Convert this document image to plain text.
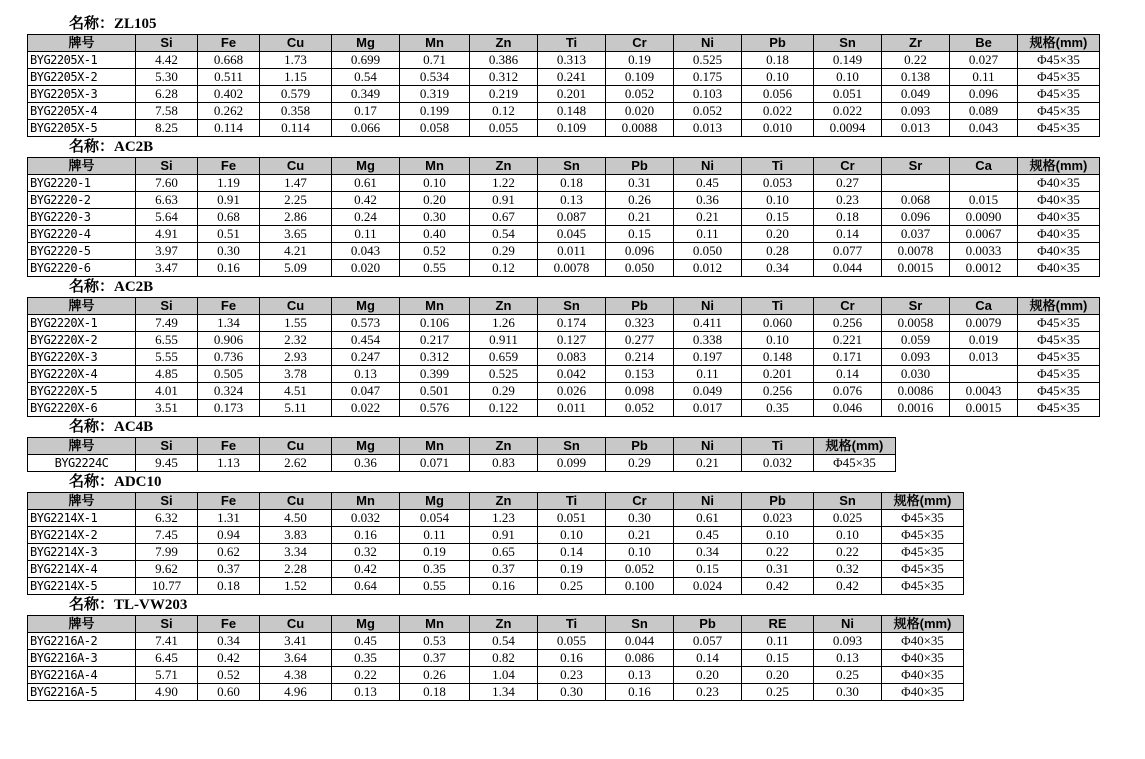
名称：ZL105
牌号	Si	Fe	Cu	Mg	Mn	Zn	Ti	Cr	Ni	Pb	Sn	Zr	Be	规格(mm)
BYG2205X-1	4.42	0.668	1.73	0.699	0.71	0.386	0.313	0.19	0.525	0.18	0.149	0.22	0.027	Φ45×35
BYG2205X-2	5.30	0.511	1.15	0.54	0.534	0.312	0.241	0.109	0.175	0.10	0.10	0.138	0.11	Φ45×35
BYG2205X-3	6.28	0.402	0.579	0.349	0.319	0.219	0.201	0.052	0.103	0.056	0.051	0.049	0.096	Φ45×35
BYG2205X-4	7.58	0.262	0.358	0.17	0.199	0.12	0.148	0.020	0.052	0.022	0.022	0.093	0.089	Φ45×35
BYG2205X-5	8.25	0.114	0.114	0.066	0.058	0.055	0.109	0.0088	0.013	0.010	0.0094	0.013	0.043	Φ45×35
名称：AC2B
牌号	Si	Fe	Cu	Mg	Mn	Zn	Sn	Pb	Ni	Ti	Cr	Sr	Ca	规格(mm)
BYG2220-1	7.60	1.19	1.47	0.61	0.10	1.22	0.18	0.31	0.45	0.053	0.27			Φ40×35
BYG2220-2	6.63	0.91	2.25	0.42	0.20	0.91	0.13	0.26	0.36	0.10	0.23	0.068	0.015	Φ40×35
BYG2220-3	5.64	0.68	2.86	0.24	0.30	0.67	0.087	0.21	0.21	0.15	0.18	0.096	0.0090	Φ40×35
BYG2220-4	4.91	0.51	3.65	0.11	0.40	0.54	0.045	0.15	0.11	0.20	0.14	0.037	0.0067	Φ40×35
BYG2220-5	3.97	0.30	4.21	0.043	0.52	0.29	0.011	0.096	0.050	0.28	0.077	0.0078	0.0033	Φ40×35
BYG2220-6	3.47	0.16	5.09	0.020	0.55	0.12	0.0078	0.050	0.012	0.34	0.044	0.0015	0.0012	Φ40×35
名称：AC2B
牌号	Si	Fe	Cu	Mg	Mn	Zn	Sn	Pb	Ni	Ti	Cr	Sr	Ca	规格(mm)
BYG2220X-1	7.49	1.34	1.55	0.573	0.106	1.26	0.174	0.323	0.411	0.060	0.256	0.0058	0.0079	Φ45×35
BYG2220X-2	6.55	0.906	2.32	0.454	0.217	0.911	0.127	0.277	0.338	0.10	0.221	0.059	0.019	Φ45×35
BYG2220X-3	5.55	0.736	2.93	0.247	0.312	0.659	0.083	0.214	0.197	0.148	0.171	0.093	0.013	Φ45×35
BYG2220X-4	4.85	0.505	3.78	0.13	0.399	0.525	0.042	0.153	0.11	0.201	0.14	0.030		Φ45×35
BYG2220X-5	4.01	0.324	4.51	0.047	0.501	0.29	0.026	0.098	0.049	0.256	0.076	0.0086	0.0043	Φ45×35
BYG2220X-6	3.51	0.173	5.11	0.022	0.576	0.122	0.011	0.052	0.017	0.35	0.046	0.0016	0.0015	Φ45×35
名称：AC4B
牌号	Si	Fe	Cu	Mg	Mn	Zn	Sn	Pb	Ni	Ti	规格(mm)
BYG2224C	9.45	1.13	2.62	0.36	0.071	0.83	0.099	0.29	0.21	0.032	Φ45×35
名称：ADC10
牌号	Si	Fe	Cu	Mn	Mg	Zn	Ti	Cr	Ni	Pb	Sn	规格(mm)
BYG2214X-1	6.32	1.31	4.50	0.032	0.054	1.23	0.051	0.30	0.61	0.023	0.025	Φ45×35
BYG2214X-2	7.45	0.94	3.83	0.16	0.11	0.91	0.10	0.21	0.45	0.10	0.10	Φ45×35
BYG2214X-3	7.99	0.62	3.34	0.32	0.19	0.65	0.14	0.10	0.34	0.22	0.22	Φ45×35
BYG2214X-4	9.62	0.37	2.28	0.42	0.35	0.37	0.19	0.052	0.15	0.31	0.32	Φ45×35
BYG2214X-5	10.77	0.18	1.52	0.64	0.55	0.16	0.25	0.100	0.024	0.42	0.42	Φ45×35
名称：TL-VW203
牌号	Si	Fe	Cu	Mg	Mn	Zn	Ti	Sn	Pb	RE	Ni	规格(mm)
BYG2216A-2	7.41	0.34	3.41	0.45	0.53	0.54	0.055	0.044	0.057	0.11	0.093	Φ40×35
BYG2216A-3	6.45	0.42	3.64	0.35	0.37	0.82	0.16	0.086	0.14	0.15	0.13	Φ40×35
BYG2216A-4	5.71	0.52	4.38	0.22	0.26	1.04	0.23	0.13	0.20	0.20	0.25	Φ40×35
BYG2216A-5	4.90	0.60	4.96	0.13	0.18	1.34	0.30	0.16	0.23	0.25	0.30	Φ40×35
